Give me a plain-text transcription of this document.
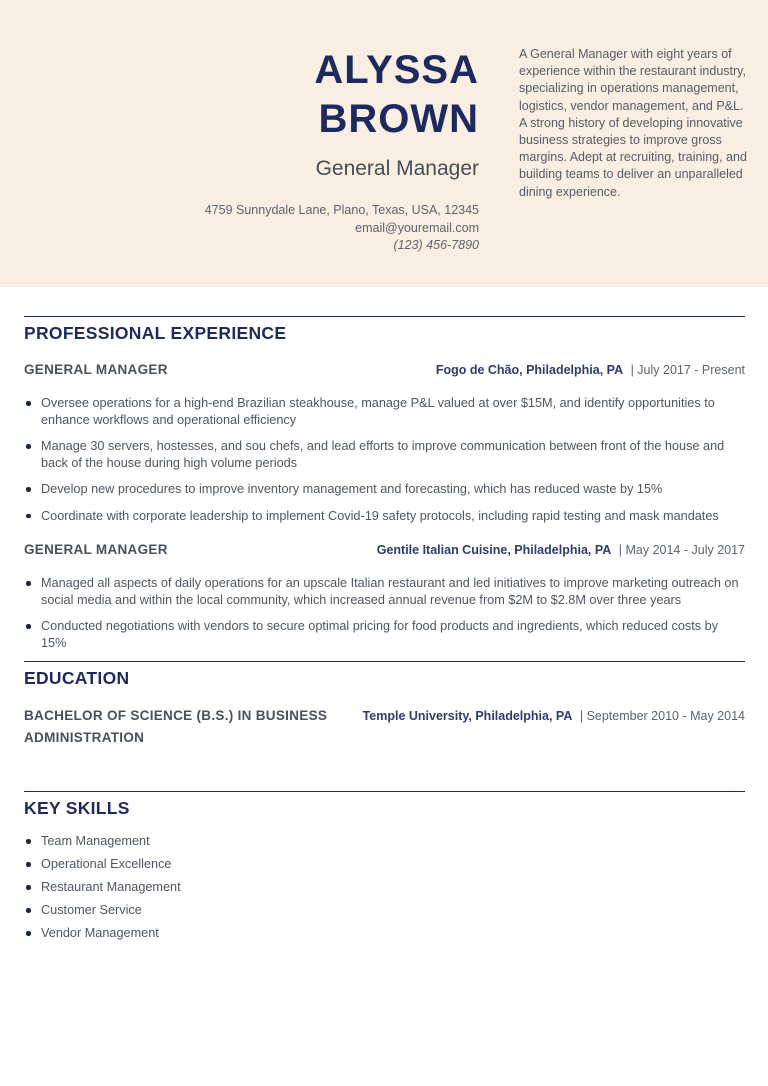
ALYSSA
BROWN
General Manager
4759 Sunnydale Lane, Plano, Texas, USA, 12345
email@youremail.com
(123) 456-7890

A General Manager with eight years of experience within the restaurant industry, specializing in operations management, logistics, vendor management, and P&L. A strong history of developing innovative business strategies to improve gross margins. Adept at recruiting, training, and building teams to deliver an unparalleled dining experience.

PROFESSIONAL EXPERIENCE
GENERAL MANAGER	Fogo de Chão, Philadelphia, PA | July 2017 - Present
Oversee operations for a high-end Brazilian steakhouse, manage P&L valued at over $15M, and identify opportunities to enhance workflows and operational efficiency
Manage 30 servers, hostesses, and sou chefs, and lead efforts to improve communication between front of the house and back of the house during high volume periods
Develop new procedures to improve inventory management and forecasting, which has reduced waste by 15%
Coordinate with corporate leadership to implement Covid-19 safety protocols, including rapid testing and mask mandates
GENERAL MANAGER	Gentile Italian Cuisine, Philadelphia, PA | May 2014 - July 2017
Managed all aspects of daily operations for an upscale Italian restaurant and led initiatives to improve marketing outreach on social media and within the local community, which increased annual revenue from $2M to $2.8M over three years
Conducted negotiations with vendors to secure optimal pricing for food products and ingredients, which reduced costs by 15%
EDUCATION
BACHELOR OF SCIENCE (B.S.) IN BUSINESS ADMINISTRATION
Temple University, Philadelphia, PA | September 2010 - May 2014
KEY SKILLS
Team Management
Operational Excellence
Restaurant Management
Customer Service
Vendor Management
